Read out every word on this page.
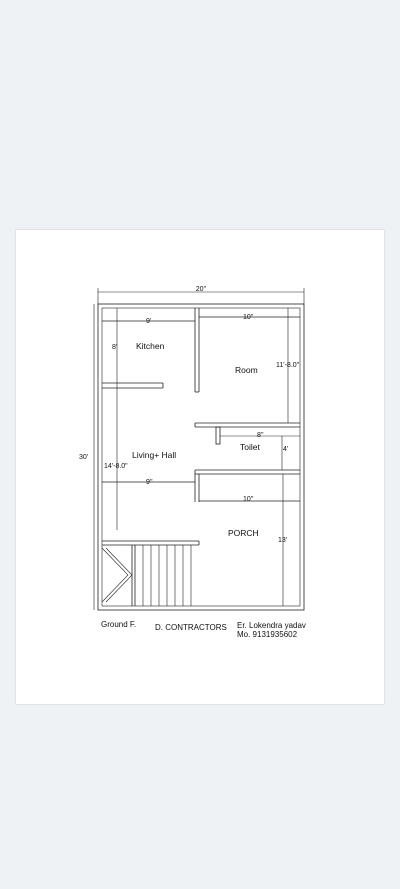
20''
30'
9'
8'
10''
11'-8.0"
8''
4'
14'-8.0"
9''
10''
13'
Kitchen
Room
Toilet
Living+ Hall
PORCH
Ground F. D. CONTRACTORS Er. Lokendra yadav
Mo. 9131935602
